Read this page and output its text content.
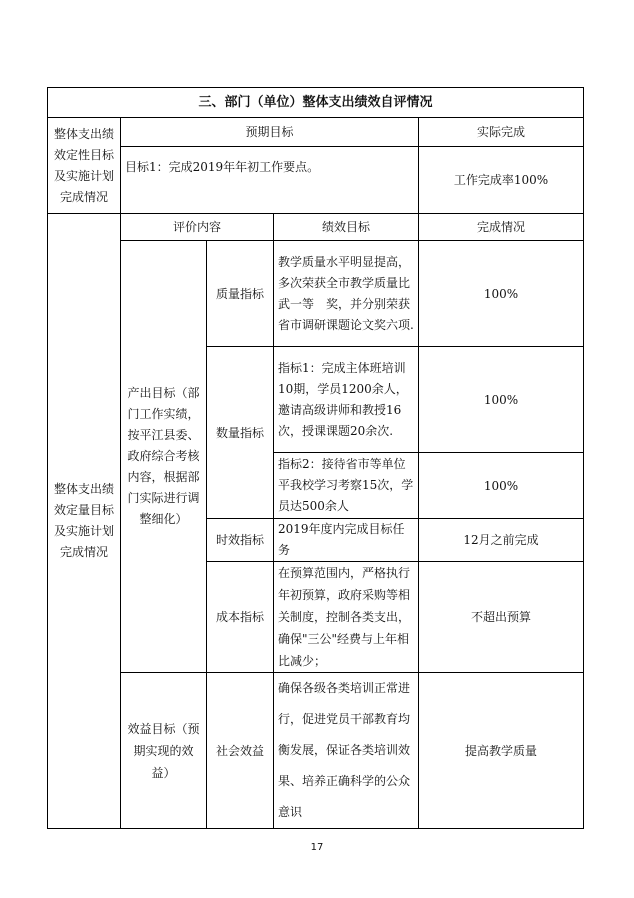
三、部门（单位）整体支出绩效自评情况				
整体支出绩效定性目标及实施计划完成情况	预期目标			实际完成
	目标1：完成2019年年初工作要点。			工作完成率100%
整体支出绩效定量目标及实施计划完成情况	评价内容		绩效目标	完成情况
	产出目标（部门工作实绩，按平江县委、政府综合考核内容，根据部门实际进行调整细化）	质量指标	教学质量水平明显提高，多次荣获全市教学质量比武一等　奖，并分别荣获省市调研课题论文奖六项.	100%
		数量指标	指标1：完成主体班培训10期，学员1200余人，邀请高级讲师和教授16次，授课课题20余次.	100%
			指标2：接待省市等单位平我校学习考察15次，学员达500余人	100%
		时效指标	2019年度内完成目标任务	12月之前完成
		成本指标	在预算范围内，严格执行年初预算，政府采购等相关制度，控制各类支出，确保"三公"经费与上年相比减少；	不超出预算
	效益目标（预期实现的效益）	社会效益	确保各级各类培训正常进行，促进党员干部教育均衡发展，保证各类培训效果、培养正确科学的公众意识	提高教学质量
17
